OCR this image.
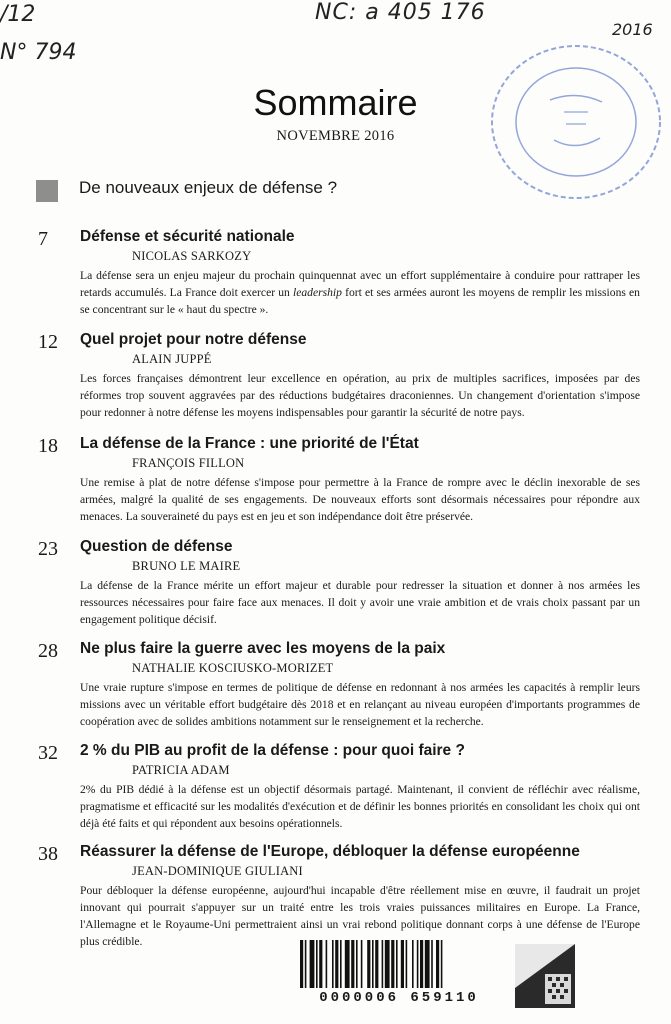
/12
N° 794
NC: a 405 176
2016
Sommaire
NOVEMBRE 2016
De nouveaux enjeux de défense ?
7	Défense et sécurité nationale
NICOLAS SARKOZY

La défense sera un enjeu majeur du prochain quinquennat avec un effort supplémentaire à conduire pour rattraper les retards accumulés. La France doit exercer un leadership fort et ses armées auront les moyens de remplir les missions en se concentrant sur le « haut du spectre ».

12	Quel projet pour notre défense
ALAIN JUPPÉ

Les forces françaises démontrent leur excellence en opération, au prix de multiples sacrifices, imposées par des réformes trop souvent aggravées par des réductions budgétaires draconiennes. Un changement d'orientation s'impose pour redonner à notre défense les moyens indispensables pour garantir la sécurité de notre pays.

18	La défense de la France : une priorité de l'État
FRANÇOIS FILLON

Une remise à plat de notre défense s'impose pour permettre à la France de rompre avec le déclin inexorable de ses armées, malgré la qualité de ses engagements. De nouveaux efforts sont désormais nécessaires pour répondre aux menaces. La souveraineté du pays est en jeu et son indépendance doit être préservée.

23	Question de défense
BRUNO LE MAIRE

La défense de la France mérite un effort majeur et durable pour redresser la situation et donner à nos armées les ressources nécessaires pour faire face aux menaces. Il doit y avoir une vraie ambition et de vrais choix passant par un engagement politique décisif.

28	Ne plus faire la guerre avec les moyens de la paix
NATHALIE KOSCIUSKO-MORIZET

Une vraie rupture s'impose en termes de politique de défense en redonnant à nos armées les capacités à remplir leurs missions avec un véritable effort budgétaire dès 2018 et en relançant au niveau européen d'importants programmes de coopération avec de solides ambitions notamment sur le renseignement et la recherche.

32	2 % du PIB au profit de la défense : pour quoi faire ?
PATRICIA ADAM

2% du PIB dédié à la défense est un objectif désormais partagé. Maintenant, il convient de réfléchir avec réalisme, pragmatisme et efficacité sur les modalités d'exécution et de définir les bonnes priorités en consolidant les choix qui ont déjà été faits et qui répondent aux besoins opérationnels.

38	Réassurer la défense de l'Europe, débloquer la défense européenne
JEAN-DOMINIQUE GIULIANI

Pour débloquer la défense européenne, aujourd'hui incapable d'être réellement mise en œuvre, il faudrait un projet innovant qui pourrait s'appuyer sur un traité entre les trois vraies puissances militaires en Europe. La France, l'Allemagne et le Royaume-Uni permettraient ainsi un vrai rebond politique donnant corps à une défense de l'Europe plus crédible.

0000006 659110
